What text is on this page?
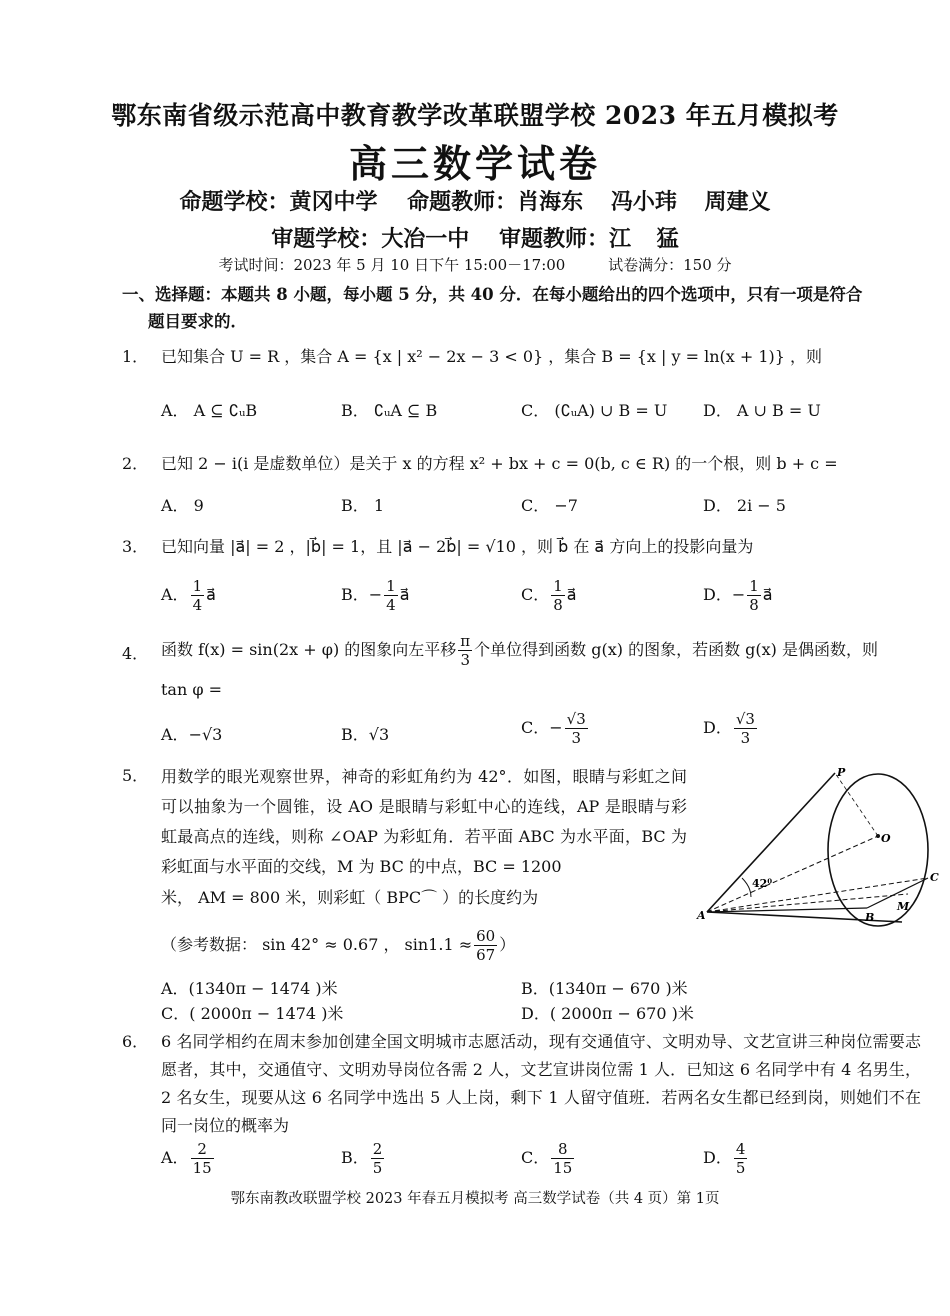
鄂东南省级示范高中教育教学改革联盟学校 2023 年五月模拟考
高三数学试卷
命题学校：黄冈中学 命题教师：肖海东 冯小玮 周建义
审题学校：大冶一中 审题教师：江 猛
考试时间：2023 年 5 月 10 日下午 15:00－17:00	试卷满分：150 分
一、选择题：本题共 8 小题，每小题 5 分，共 40 分．在每小题给出的四个选项中，只有一项是符合
题目要求的．
1． 已知集合 U = R ，集合 A = {x | x² − 2x − 3 < 0} ，集合 B = {x | y = ln(x + 1)} ，则
A． A ⊆ ∁ᵤB	B． ∁ᵤA ⊆ B	C． (∁ᵤA) ∪ B = U D． A ∪ B = U
2． 已知 2 − i(i 是虚数单位）是关于 x 的方程 x² + bx + c = 0(b, c ∈ R) 的一个根，则 b + c =
A． 9	B． 1	C． −7	D． 2i − 5
3． 已知向量 |a⃗| = 2 ，|b⃗| = 1，且 |a⃗ − 2b⃗| = √10 ，则 b⃗ 在 a⃗ 方向上的投影向量为
A． $\frac{1}{4}$ a⃗	B．− $\frac{1}{4}$ a⃗	C． $\frac{1}{8}$ a⃗	D．− $\frac{1}{8}$ a⃗
4． 函数 f(x) = sin(2x + φ) 的图象向左平移 $\frac{\pi}{3}$ 个单位得到函数 g(x) 的图象，若函数 g(x) 是偶函数，则
tan φ =
A．−√3	B．√3	C．− $\frac{√3}{3}$	D． $\frac{√3}{3}$
5． 用数学的眼光观察世界，神奇的彩虹角约为 42°．如图，眼睛与彩虹之间可以抽象为一个圆锥，设 AO 是眼睛与彩虹中心的连线，AP 是眼睛与彩虹最高点的连线，则称 ∠OAP 为彩虹角．若平面 ABC 为水平面，BC 为彩虹面与水平面的交线，M 为 BC 的中点，BC = 1200
米， AM = 800 米，则彩虹（ BPC⌒ ）的长度约为
（参考数据： sin 42° ≈ 0.67 ， $\sin 1.1 \approx \frac{60}{67}$ ）
A．(1340π − 1474 )米	B．(1340π − 670 )米
C．( 2000π − 1474 )米	D．( 2000π − 670 )米
P
O
A	B
C
M
42⁰
6． 6 名同学相约在周末参加创建全国文明城市志愿活动，现有交通值守、文明劝导、文艺宣讲三种岗位需要志愿者，其中，交通值守、文明劝导岗位各需 2 人，文艺宣讲岗位需 1 人．已知这 6 名同学中有 4 名男生，2 名女生，现要从这 6 名同学中选出 5 人上岗，剩下 1 人留守值班．若两名女生都已经到岗，则她们不在同一岗位的概率为
A． $\frac{2}{15}$	B． $\frac{2}{5}$	C． $\frac{8}{15}$	D． $\frac{4}{5}$
鄂东南教改联盟学校 2023 年春五月模拟考 高三数学试卷（共 4 页）第 1页
